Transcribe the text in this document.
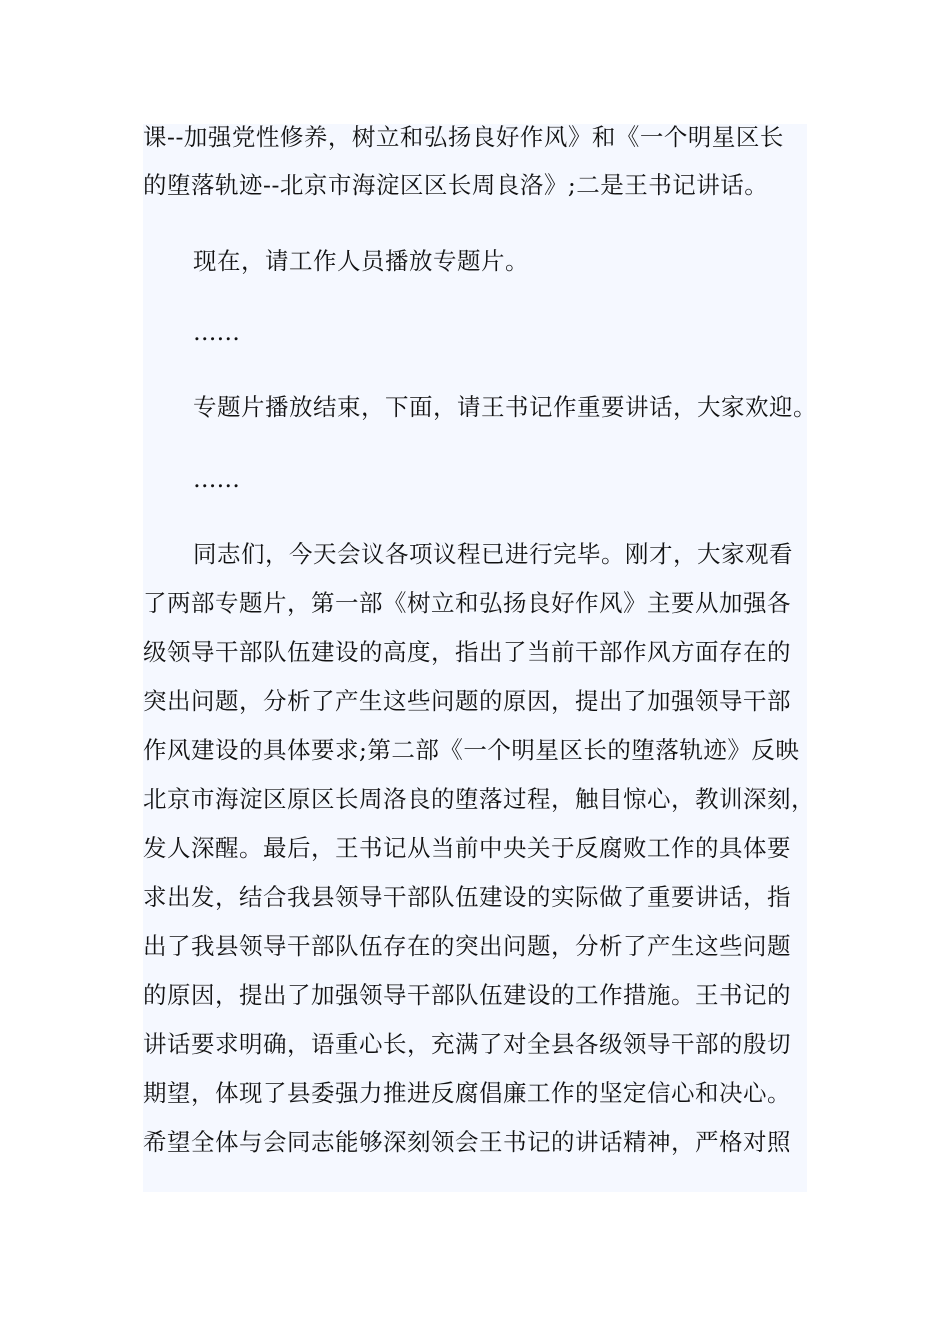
课--加强党性修养，树立和弘扬良好作风》和《一个明星区长
的堕落轨迹--北京市海淀区区长周良洛》;二是王书记讲话。
现在，请工作人员播放专题片。
……
专题片播放结束，下面，请王书记作重要讲话，大家欢迎。
……
同志们，今天会议各项议程已进行完毕。刚才，大家观看
了两部专题片，第一部《树立和弘扬良好作风》主要从加强各
级领导干部队伍建设的高度，指出了当前干部作风方面存在的
突出问题，分析了产生这些问题的原因，提出了加强领导干部
作风建设的具体要求;第二部《一个明星区长的堕落轨迹》反映
北京市海淀区原区长周洛良的堕落过程，触目惊心，教训深刻，
发人深醒。最后，王书记从当前中央关于反腐败工作的具体要
求出发，结合我县领导干部队伍建设的实际做了重要讲话，指
出了我县领导干部队伍存在的突出问题，分析了产生这些问题
的原因，提出了加强领导干部队伍建设的工作措施。王书记的
讲话要求明确，语重心长，充满了对全县各级领导干部的殷切
期望，体现了县委强力推进反腐倡廉工作的坚定信心和决心。
希望全体与会同志能够深刻领会王书记的讲话精神，严格对照
